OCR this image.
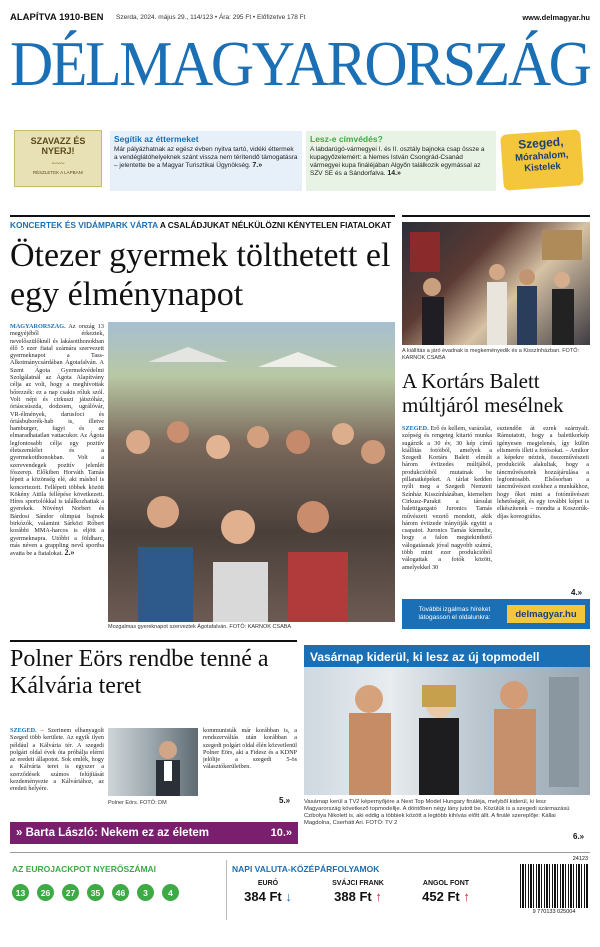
ALAPÍTVA 1910-BEN Szerda, 2024. május 29., 114/123 • Ára: 295 Ft • Előfizetve 178 Ft	www.delmagyar.hu
DÉLMAGYARORSZÁG
SZAVAZZ ÉS NYERJ!
~~~
RÉSZLETEK A LAPBAN!
Segítik az éttermeket
Már pályázhatnak az egész évben nyitva tartó, vidéki éttermek a vendéglátóhelyeknek szánt vissza nem térítendő támogatásra – jelentette be a Magyar Turisztikai Ügynökség. 7.»
Lesz-e címvédés?
A labdarúgó-vármegyei I. és II. osztály bajnoka csap össze a kupagyőzelemért: a Nemes István Csongrád-Csanád vármegyei kupa fináléjában Algyőn találkozik egymással az SZV SE és a Sándorfalva. 14.»
Szeged,
Mórahalom,
Kistelek
KONCERTEK ÉS VIDÁMPARK VÁRTA A CSALÁDJUKAT NÉLKÜLÖZNI KÉNYTELEN FIATALOKAT
Ötezer gyermek tölthetett el egy élménynapot
MAGYARORSZÁG. Az ország 13 megyéjéből érkeztek, nevelőszülőknél és lakásotthonokban élő 5 ezer fiatal számára szervezett gyermeknapot a Tass-Alkotmánycsárdában Ágotafalván. A Szent Ágota Gyermekvédelmi Szolgálatnál az Ágota Alapítvány célja az volt, hogy a meghívottak bőrezzék: ez a nap csakis róluk szól. Volt népi és cirkuszi játszóház, óriáscsúszda, dodzsem, ugrálóvár, VR-élmények, darusfoci és óriásbuborék-hab is, illetve hamburger, fagyi és az elmaradhatatlan vattacukor. Az Ágota legfontosabb célja egy pozitív életszemlélet és a gyermekotthonokban. Volt a szerevendegek pozitív jelenlét fószerep. Előkiben Horváth Tamás lépett a közönség elé, aki máshol is koncertezett. Fellépett többek között Kökény Attila fellépése következett. Híres sportolókkal is találkozhattak a gyerekek. Növényi Norbert és Bárdosi Sándor olimpiai bajnok birkózók, valamint Sárközi Róbert korábbi MMA-harcos is eljött a gyermeknapra. Utóbbi a földharc, más néven a grappling nevű sportba avatta be a fiatalokat. 2.»
Mozgalmas gyereknapot szerveztek Ágotafalván. FOTÓ: KARNOK CSABA
A kiállítás a járó évadnak is megkeményedik és a Kisszínházban. FOTÓ: KARNOK CSABA
A Kortárs Balett múltjáról mesélnek
SZEGED. Erő és kellem, varázslat, szépség és rengeteg kitartó munka sugárzik a 30 év, 30 kép című kiállítás fotóiból, amelyek a Szegedi Kortárs Balett elmúlt három évtizedes múltjából, produkcióiból mutatnak be pillanatképeket. A tárlat kedden nyílt meg a Szegedi Nemzeti Színház Kisszínházában, kiemelten Cirkusz-Parakit a társulat balettigazgató Juronics Tamás művészeti vezető mondott, akik három évtizede irányítják együtt a csapatot. Juronics Tamás kiemelte, hogy a falon megtekinthető válogatásnak jóval nagyobb számú, több mint ezer produkcióból válogattak a fotók között, amelyekkel 30
esztendőn át ezrek szárnyalt. Rámutatott, hogy a balettkorkép igényesen megjelenés, így külön elismerés illeti a fotósokat. – Amikor a képekre néztek, összeművészeti produkciók alakultak, hogy a táncművészetek hozzájárulása a legfontosabb. Elsősorban a táncművészet ezekhez a munkákhoz, hogy őket mint a fotóművészet lehetőségét, és egy további képet is elkészítenek – mondta a Koszorúk-díjas koreográfus.
4.»
További izgalmas híreket látogasson el oldalunkra:	delmagyar.hu
Polner Eörs rendbe tenné a Kálvária teret
SZEGED. – Szerinem elhanyagolt Szeged több kerülete. Az egyik ilyen például a Kálvária tér. A szegedi polgári oldal évek óta próbálja elérni az eredeti állapotot. Sok emlék, hogy a Kálvária teret is egyszer a szerződések számos felújítását kezdeményezte a Kálváriához, az eredeti helyére.
Polner Eörs. FOTÓ: DM
kommunisták már korábban is, a rendszerváltás után korábban a szegedi polgári oldal élén közvetlenül Polner Eörs, aki a Fidesz és a KDNP jelöltje a szegedi 5-ös választókerületben.
5.»
» Barta László: Nekem ez az életem	10.»
Vasárnap kiderül, ki lesz az új topmodell
Vasárnap kerül a TV2 képernyőjére a Next Top Model Hungary fináléja, melyből kiderül, ki lesz Magyarország következő topmodellje. A döntőben négy lány jutott be. Közülük is a szegedi származású Czibolya Nikolett is, aki eddig a többiek között a legtöbb kihívás előtt állt. A finálé szereplője: Kállai Magdolna, Cserháti Ari. FOTÓ: TV 2
6.»
AZ EUROJACKPOT NYERŐSZÁMAI
13	26	27	35	46	3	4
NAPI VALUTA-KÖZÉPÁRFOLYAMOK
EURÓ
384 Ft ↓
SVÁJCI FRANK
388 Ft ↑
ANGOL FONT
452 Ft ↑
24123
9 770133 025004
